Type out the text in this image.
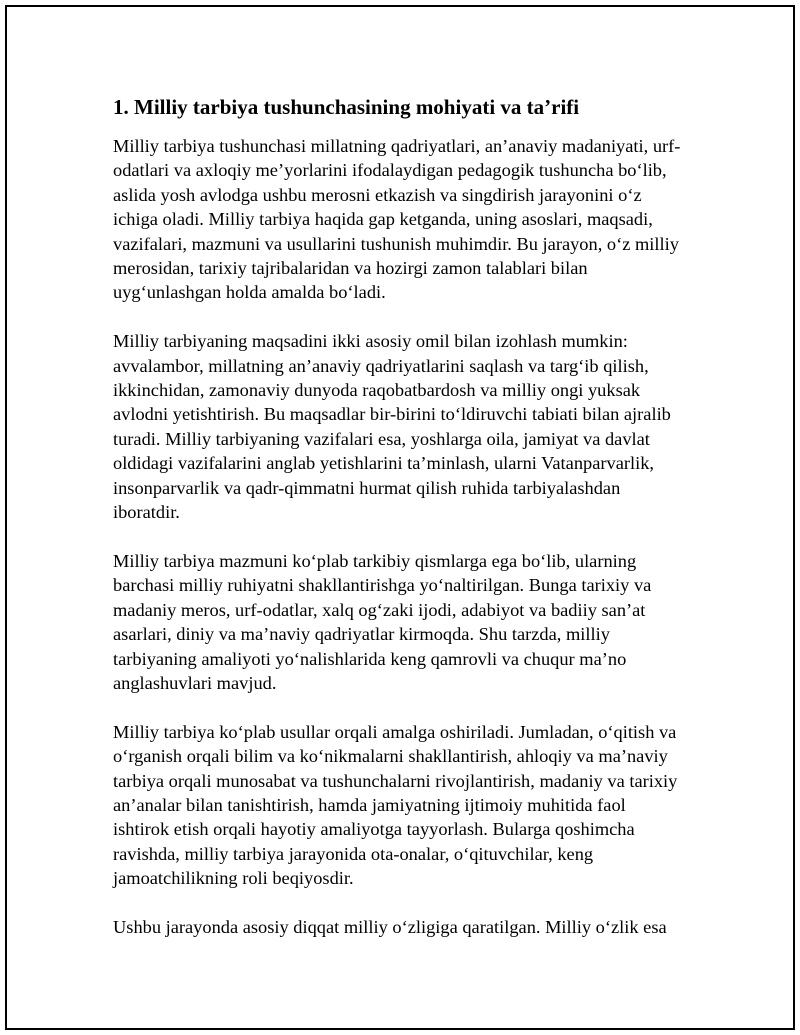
1. Milliy tarbiya tushunchasining mohiyati va ta’rifi

Milliy tarbiya tushunchasi millatning qadriyatlari, an’anaviy madaniyati, urf-
odatlari va axloqiy me’yorlarini ifodalaydigan pedagogik tushuncha bo‘lib,
aslida yosh avlodga ushbu merosni etkazish va singdirish jarayonini o‘z
ichiga oladi. Milliy tarbiya haqida gap ketganda, uning asoslari, maqsadi,
vazifalari, mazmuni va usullarini tushunish muhimdir. Bu jarayon, o‘z milliy
merosidan, tarixiy tajribalaridan va hozirgi zamon talablari bilan
uyg‘unlashgan holda amalda bo‘ladi.

Milliy tarbiyaning maqsadini ikki asosiy omil bilan izohlash mumkin:
avvalambor, millatning an’anaviy qadriyatlarini saqlash va targ‘ib qilish,
ikkinchidan, zamonaviy dunyoda raqobatbardosh va milliy ongi yuksak
avlodni yetishtirish. Bu maqsadlar bir-birini to‘ldiruvchi tabiati bilan ajralib
turadi. Milliy tarbiyaning vazifalari esa, yoshlarga oila, jamiyat va davlat
oldidagi vazifalarini anglab yetishlarini ta’minlash, ularni Vatanparvarlik,
insonparvarlik va qadr-qimmatni hurmat qilish ruhida tarbiyalashdan
iboratdir.

Milliy tarbiya mazmuni ko‘plab tarkibiy qismlarga ega bo‘lib, ularning
barchasi milliy ruhiyatni shakllantirishga yo‘naltirilgan. Bunga tarixiy va
madaniy meros, urf-odatlar, xalq og‘zaki ijodi, adabiyot va badiiy san’at
asarlari, diniy va ma’naviy qadriyatlar kirmoqda. Shu tarzda, milliy
tarbiyaning amaliyoti yo‘nalishlarida keng qamrovli va chuqur ma’no
anglashuvlari mavjud.

Milliy tarbiya ko‘plab usullar orqali amalga oshiriladi. Jumladan, o‘qitish va
o‘rganish orqali bilim va ko‘nikmalarni shakllantirish, ahloqiy va ma’naviy
tarbiya orqali munosabat va tushunchalarni rivojlantirish, madaniy va tarixiy
an’analar bilan tanishtirish, hamda jamiyatning ijtimoiy muhitida faol
ishtirok etish orqali hayotiy amaliyotga tayyorlash. Bularga qoshimcha
ravishda, milliy tarbiya jarayonida ota-onalar, o‘qituvchilar, keng
jamoatchilikning roli beqiyosdir.

Ushbu jarayonda asosiy diqqat milliy o‘zligiga qaratilgan. Milliy o‘zlik esa
